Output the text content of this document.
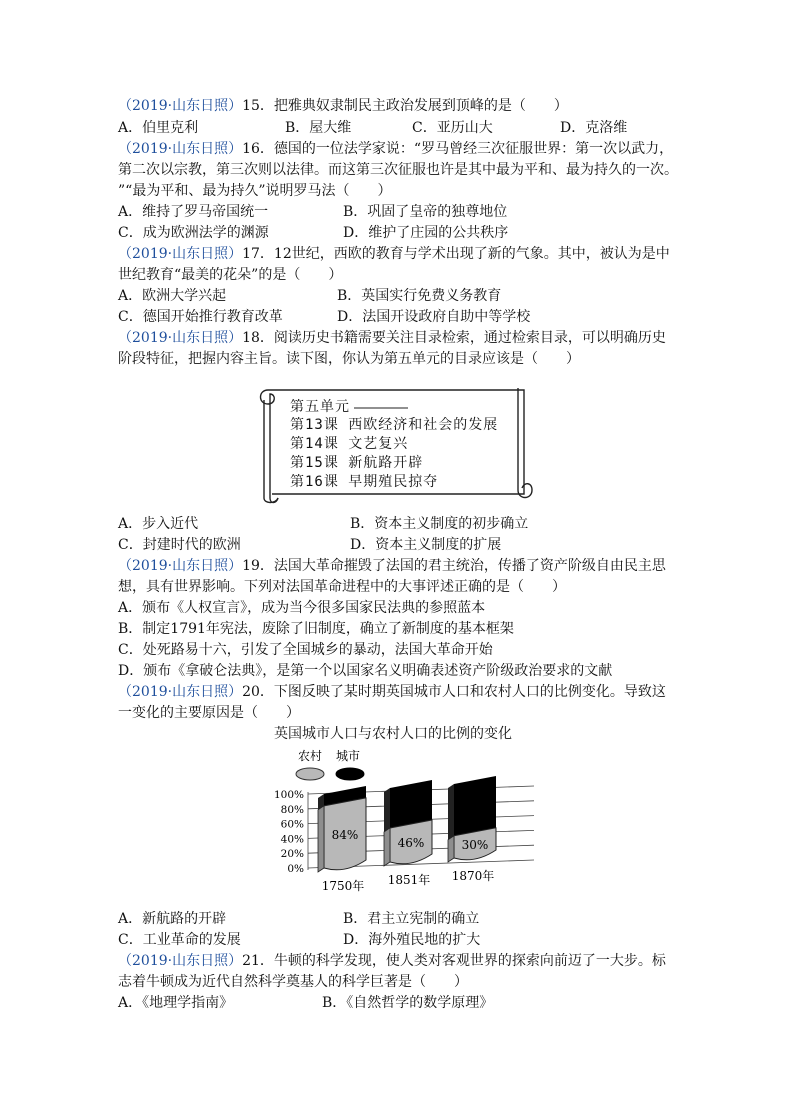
（2019·山东日照）15．把雅典奴隶制民主政治发展到顶峰的是（　　）
A．伯里克利	B．屋大维	C．亚历山大	D．克洛维
（2019·山东日照）16．德国的一位法学家说：“罗马曾经三次征服世界：第一次以武力，
第二次以宗教，第三次则以法律。而这第三次征服也许是其中最为平和、最为持久的一次。
”“最为平和、最为持久”说明罗马法（　　）
A．维持了罗马帝国统一	B．巩固了皇帝的独尊地位
C．成为欧洲法学的渊源	D．维护了庄园的公共秩序
（2019·山东日照）17．12世纪，西欧的教育与学术出现了新的气象。其中，被认为是中
世纪教育“最美的花朵”的是（　　）
A．欧洲大学兴起	B．英国实行免费义务教育
C．德国开始推行教育改革	D．法国开设政府自助中等学校
（2019·山东日照）18．阅读历史书籍需要关注目录检索，通过检索目录，可以明确历史
阶段特征，把握内容主旨。读下图，你认为第五单元的目录应该是（　　）
第五单元
第13课 西欧经济和社会的发展
第14课 文艺复兴
第15课 新航路开辟
第16课 早期殖民掠夺
A．步入近代	B．资本主义制度的初步确立
C．封建时代的欧洲	D．资本主义制度的扩展
（2019·山东日照）19．法国大革命摧毁了法国的君主统治，传播了资产阶级自由民主思
想，具有世界影响。下列对法国革命进程中的大事评述正确的是（　　）
A．颁布《人权宣言》，成为当今很多国家民法典的参照蓝本
B．制定1791年宪法，废除了旧制度，确立了新制度的基本框架
C．处死路易十六，引发了全国城乡的暴动，法国大革命开始
D．颁布《拿破仑法典》，是第一个以国家名义明确表述资产阶级政治要求的文献
（2019·山东日照）20．下图反映了某时期英国城市人口和农村人口的比例变化。导致这
一变化的主要原因是（　　）
英国城市人口与农村人口的比例的变化
农村 城市
100%
80%
60%
40%
20%
0%
84%
1750年
46%
1851年
30%
1870年
A．新航路的开辟	B．君主立宪制的确立
C．工业革命的发展	D．海外殖民地的扩大
（2019·山东日照）21．牛顿的科学发现，使人类对客观世界的探索向前迈了一大步。标
志着牛顿成为近代自然科学奠基人的科学巨著是（　　）
A．《地理学指南》	B．《自然哲学的数学原理》
